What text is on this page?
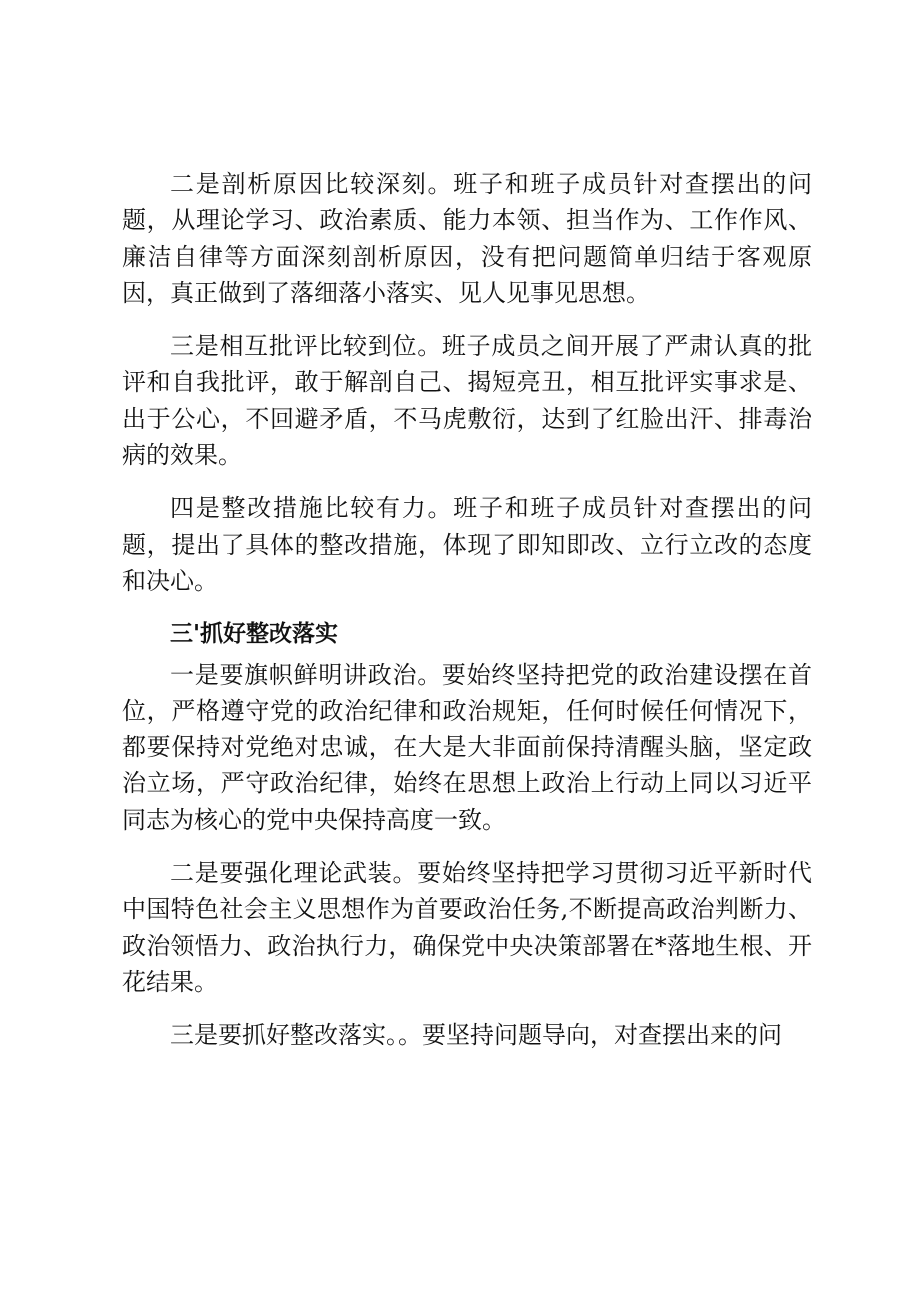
二是剖析原因比较深刻。班子和班子成员针对查摆出的问题，从理论学习、政治素质、能力本领、担当作为、工作作风、廉洁自律等方面深刻剖析原因，没有把问题简单归结于客观原因，真正做到了落细落小落实、见人见事见思想。

三是相互批评比较到位。班子成员之间开展了严肃认真的批评和自我批评，敢于解剖自己、揭短亮丑，相互批评实事求是、出于公心，不回避矛盾，不马虎敷衍，达到了红脸出汗、排毒治病的效果。

四是整改措施比较有力。班子和班子成员针对查摆出的问题，提出了具体的整改措施，体现了即知即改、立行立改的态度和决心。

三'抓好整改落实

一是要旗帜鲜明讲政治。要始终坚持把党的政治建设摆在首位，严格遵守党的政治纪律和政治规矩，任何时候任何情况下，都要保持对党绝对忠诚，在大是大非面前保持清醒头脑，坚定政治立场，严守政治纪律，始终在思想上政治上行动上同以习近平同志为核心的党中央保持高度一致。

二是要强化理论武装。要始终坚持把学习贯彻习近平新时代中国特色社会主义思想作为首要政治任务,不断提高政治判断力、政治领悟力、政治执行力，确保党中央决策部署在*落地生根、开花结果。

三是要抓好整改落实。。要坚持问题导向，对查摆出来的问
